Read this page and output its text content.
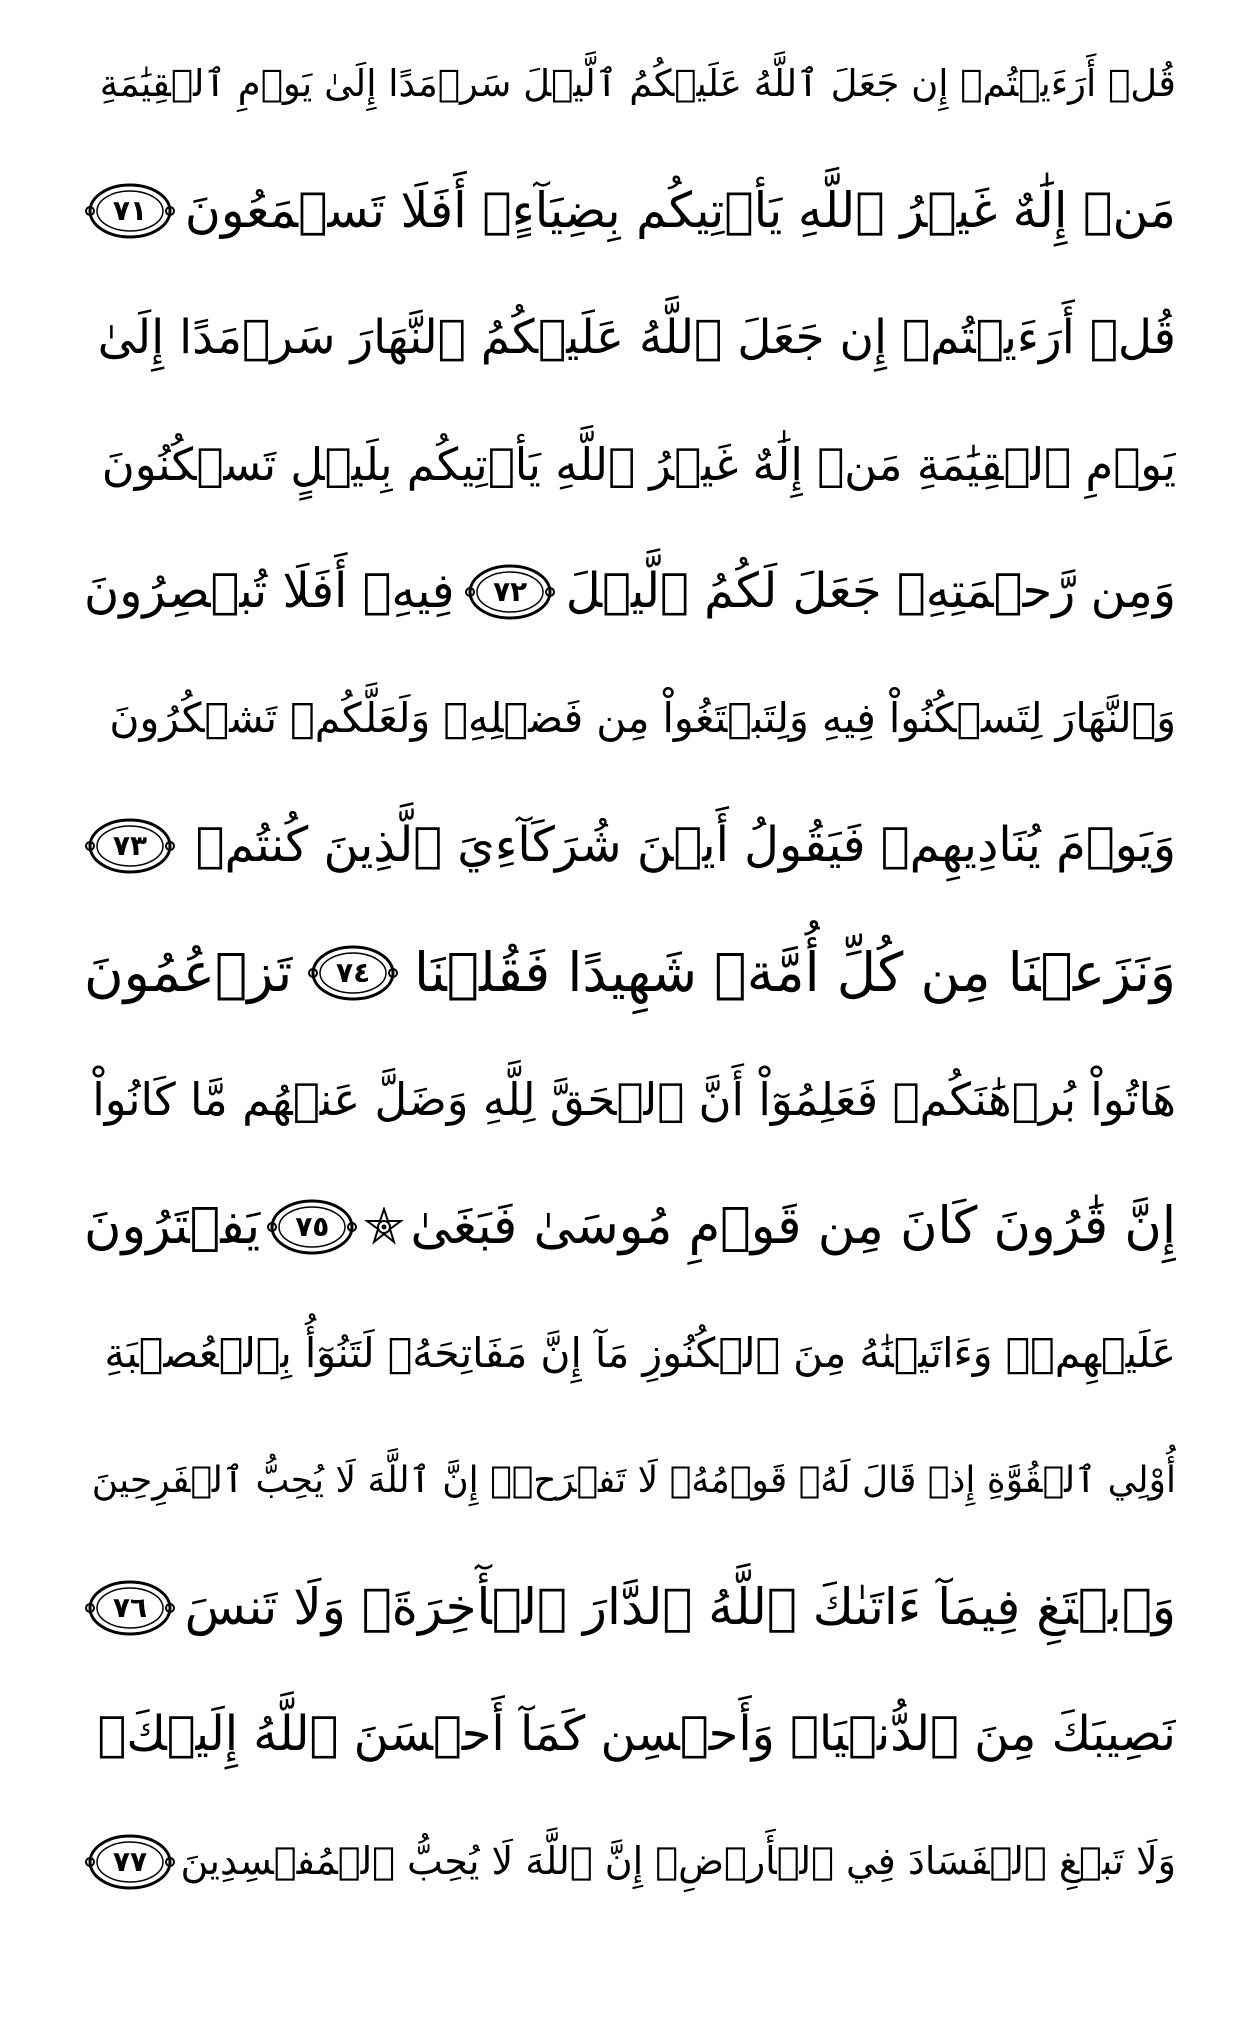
قُلۡ أَرَءَيۡتُمۡ إِن جَعَلَ ٱللَّهُ عَلَيۡكُمُ ٱلَّيۡلَ سَرۡمَدًا إِلَىٰ يَوۡمِ ٱلۡقِيَٰمَةِ
مَنۡ إِلَٰهٌ غَيۡرُ ٱللَّهِ يَأۡتِيكُم بِضِيَآءٍۖ أَفَلَا تَسۡمَعُونَ
٧١
قُلۡ أَرَءَيۡتُمۡ إِن جَعَلَ ٱللَّهُ عَلَيۡكُمُ ٱلنَّهَارَ سَرۡمَدًا إِلَىٰ
يَوۡمِ ٱلۡقِيَٰمَةِ مَنۡ إِلَٰهٌ غَيۡرُ ٱللَّهِ يَأۡتِيكُم بِلَيۡلٍ تَسۡكُنُونَ
وَمِن رَّحۡمَتِهِۦ جَعَلَ لَكُمُ ٱلَّيۡلَ
٧٢
فِيهِۚ أَفَلَا تُبۡصِرُونَ
وَٱلنَّهَارَ لِتَسۡكُنُواْ فِيهِ وَلِتَبۡتَغُواْ مِن فَضۡلِهِۦ وَلَعَلَّكُمۡ تَشۡكُرُونَ
وَيَوۡمَ يُنَادِيهِمۡ فَيَقُولُ أَيۡنَ شُرَكَآءِيَ ٱلَّذِينَ كُنتُمۡ
٧٣
وَنَزَعۡنَا مِن كُلِّ أُمَّةٖ شَهِيدًا فَقُلۡنَا
٧٤
تَزۡعُمُونَ
هَاتُواْ بُرۡهَٰنَكُمۡ فَعَلِمُوٓاْ أَنَّ ٱلۡحَقَّ لِلَّهِ وَضَلَّ عَنۡهُم مَّا كَانُواْ
إِنَّ قَٰرُونَ كَانَ مِن قَوۡمِ مُوسَىٰ فَبَغَىٰ
٧٥
يَفۡتَرُونَ
عَلَيۡهِمۡۖ وَءَاتَيۡنَٰهُ مِنَ ٱلۡكُنُوزِ مَآ إِنَّ مَفَاتِحَهُۥ لَتَنُوٓأُ بِٱلۡعُصۡبَةِ
أُوْلِي ٱلۡقُوَّةِ إِذۡ قَالَ لَهُۥ قَوۡمُهُۥ لَا تَفۡرَحۡۖ إِنَّ ٱللَّهَ لَا يُحِبُّ ٱلۡفَرِحِينَ
وَٱبۡتَغِ فِيمَآ ءَاتَىٰكَ ٱللَّهُ ٱلدَّارَ ٱلۡأٓخِرَةَۖ وَلَا تَنسَ
٧٦
نَصِيبَكَ مِنَ ٱلدُّنۡيَاۖ وَأَحۡسِن كَمَآ أَحۡسَنَ ٱللَّهُ إِلَيۡكَۖ
وَلَا تَبۡغِ ٱلۡفَسَادَ فِي ٱلۡأَرۡضِۖ إِنَّ ٱللَّهَ لَا يُحِبُّ ٱلۡمُفۡسِدِينَ
٧٧
